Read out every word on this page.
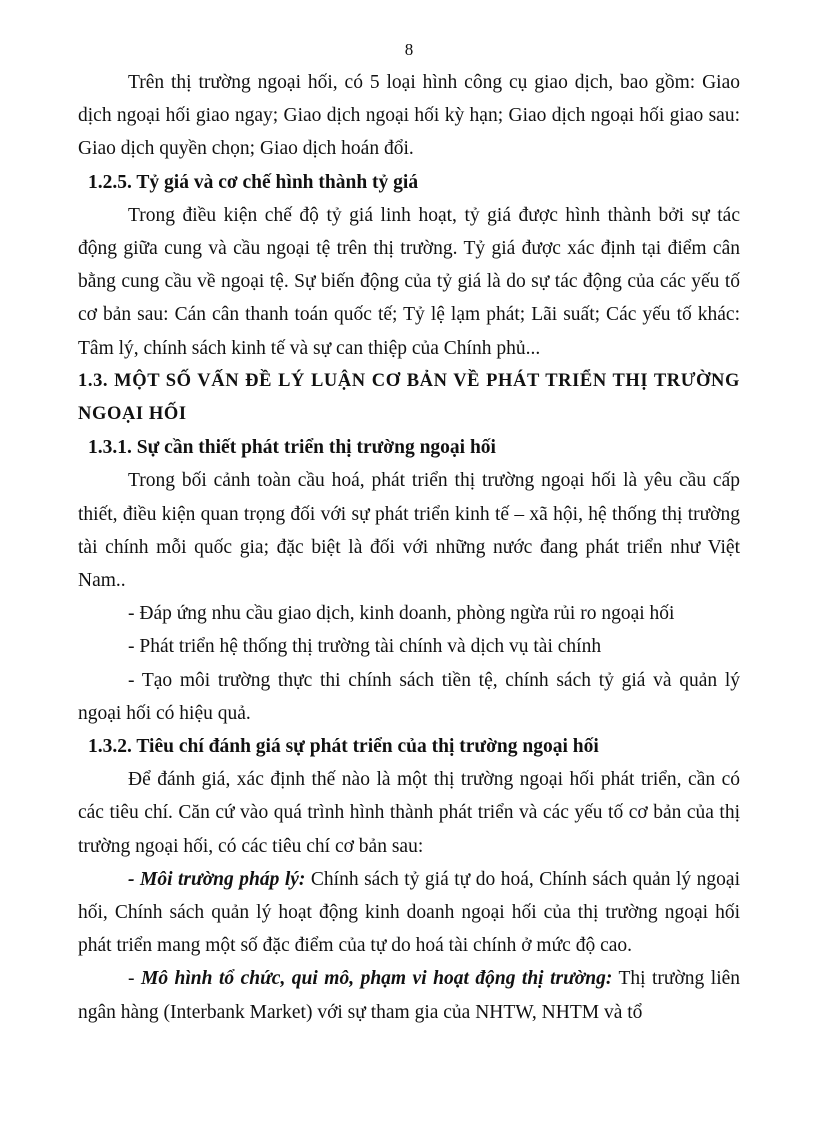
8

Trên thị trường ngoại hối, có 5 loại hình công cụ giao dịch, bao gồm: Giao dịch ngoại hối giao ngay; Giao dịch ngoại hối kỳ hạn; Giao dịch ngoại hối giao sau: Giao dịch quyền chọn; Giao dịch hoán đổi.

1.2.5. Tỷ giá và cơ chế hình thành tỷ giá

Trong điều kiện chế độ tỷ giá linh hoạt, tỷ giá được hình thành bởi sự tác động giữa cung và cầu ngoại tệ trên thị trường. Tỷ giá được xác định tại điểm cân bằng cung cầu về ngoại tệ. Sự biến động của tỷ giá là do sự tác động của các yếu tố cơ bản sau: Cán cân thanh toán quốc tế; Tỷ lệ lạm phát; Lãi suất; Các yếu tố khác: Tâm lý, chính sách kinh tế và sự can thiệp của Chính phủ...

1.3. MỘT SỐ VẤN ĐỀ LÝ LUẬN CƠ BẢN VỀ PHÁT TRIỂN THỊ TRƯỜNG NGOẠI HỐI

1.3.1. Sự cần thiết phát triển thị trường ngoại hối

Trong bối cảnh toàn cầu hoá, phát triển thị trường ngoại hối là yêu cầu cấp thiết, điều kiện quan trọng đối với sự phát triển kinh tế – xã hội, hệ thống thị trường tài chính mỗi quốc gia; đặc biệt là đối với những nước đang phát triển như Việt Nam..

- Đáp ứng nhu cầu giao dịch, kinh doanh, phòng ngừa rủi ro ngoại hối

- Phát triển hệ thống thị trường tài chính và dịch vụ tài chính

- Tạo môi trường thực thi chính sách tiền tệ, chính sách tỷ giá và quản lý ngoại hối có hiệu quả.

1.3.2. Tiêu chí đánh giá sự phát triển của thị trường ngoại hối

Để đánh giá, xác định thế nào là một thị trường ngoại hối phát triển, cần có các tiêu chí. Căn cứ vào quá trình hình thành phát triển và các yếu tố cơ bản của thị trường ngoại hối, có các tiêu chí cơ bản sau:

- Môi trường pháp lý: Chính sách tỷ giá tự do hoá, Chính sách quản lý ngoại hối, Chính sách quản lý hoạt động kinh doanh ngoại hối của thị trường ngoại hối phát triển mang một số đặc điểm của tự do hoá tài chính ở mức độ cao.

- Mô hình tổ chức, qui mô, phạm vi hoạt động thị trường: Thị trường liên ngân hàng (Interbank Market) với sự tham gia của NHTW, NHTM và tổ
